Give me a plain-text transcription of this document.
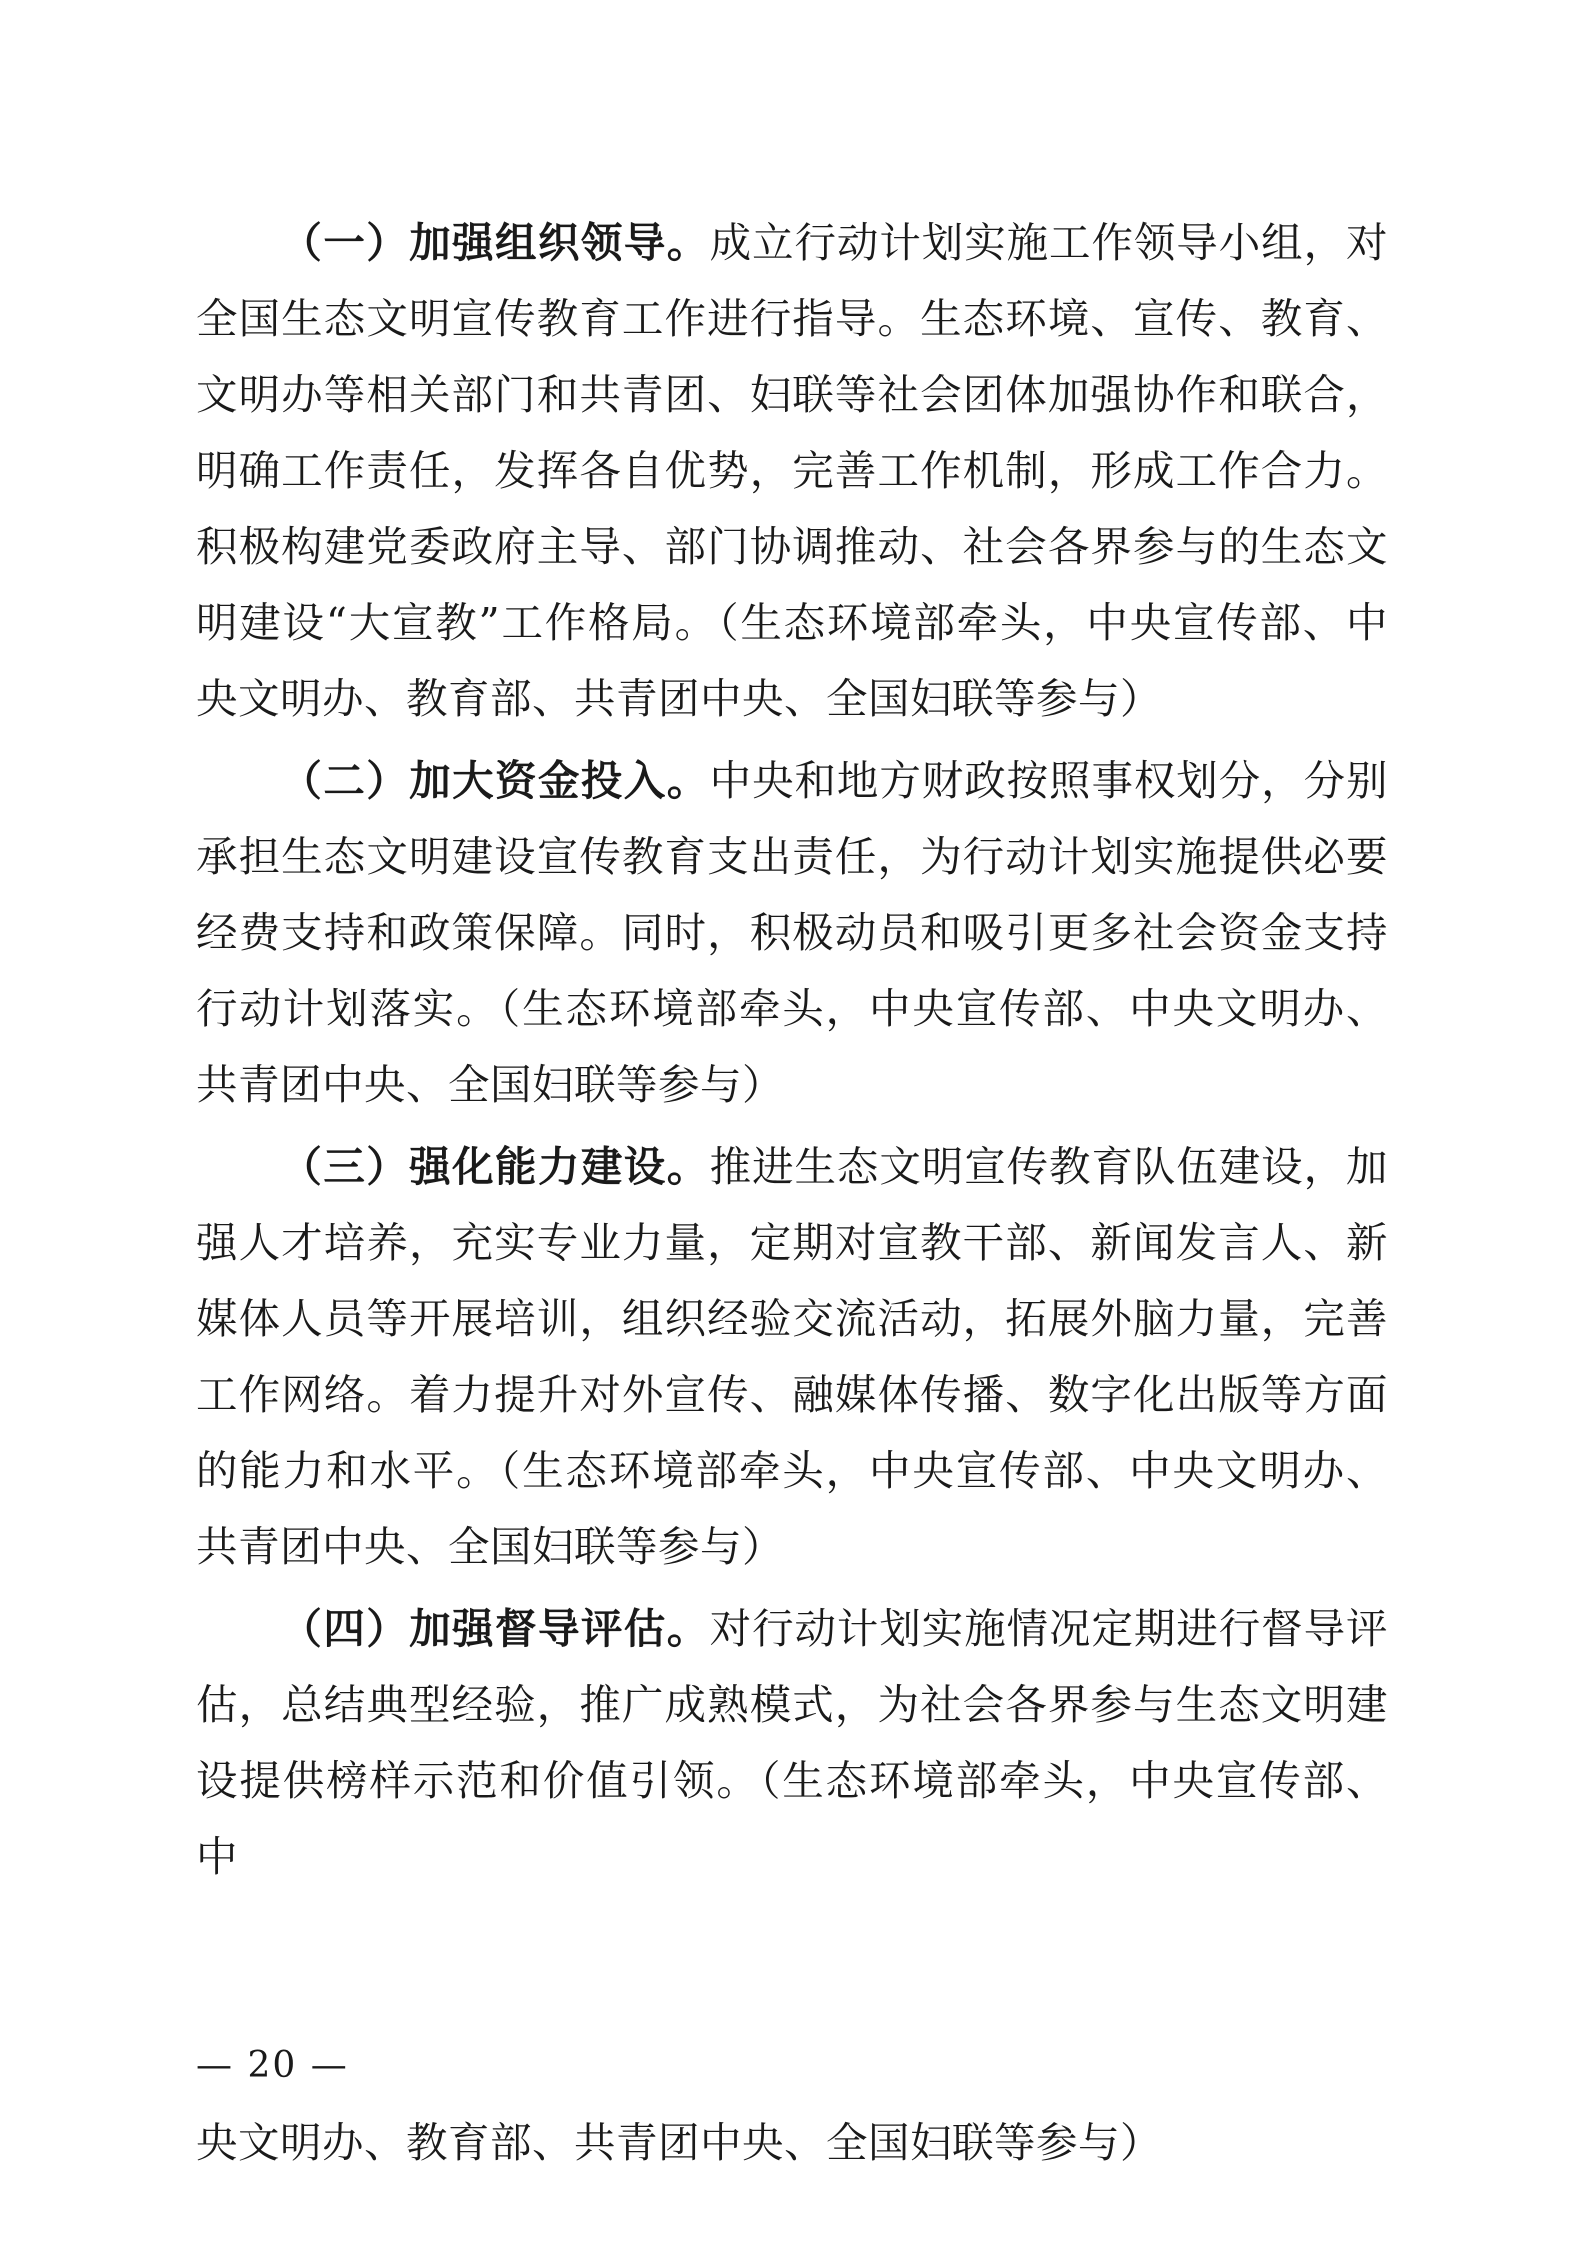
（一）加强组织领导。成立行动计划实施工作领导小组，对全国生态文明宣传教育工作进行指导。生态环境、宣传、教育、文明办等相关部门和共青团、妇联等社会团体加强协作和联合，明确工作责任，发挥各自优势，完善工作机制，形成工作合力。积极构建党委政府主导、部门协调推动、社会各界参与的生态文明建设“大宣教”工作格局。（生态环境部牵头，中央宣传部、中央文明办、教育部、共青团中央、全国妇联等参与）

（二）加大资金投入。中央和地方财政按照事权划分，分别承担生态文明建设宣传教育支出责任，为行动计划实施提供必要经费支持和政策保障。同时，积极动员和吸引更多社会资金支持行动计划落实。（生态环境部牵头，中央宣传部、中央文明办、共青团中央、全国妇联等参与）

（三）强化能力建设。推进生态文明宣传教育队伍建设，加强人才培养，充实专业力量，定期对宣教干部、新闻发言人、新媒体人员等开展培训，组织经验交流活动，拓展外脑力量，完善工作网络。着力提升对外宣传、融媒体传播、数字化出版等方面的能力和水平。（生态环境部牵头，中央宣传部、中央文明办、共青团中央、全国妇联等参与）

（四）加强督导评估。对行动计划实施情况定期进行督导评估，总结典型经验，推广成熟模式，为社会各界参与生态文明建设提供榜样示范和价值引领。（生态环境部牵头，中央宣传部、中

— 20 —
央文明办、教育部、共青团中央、全国妇联等参与）
